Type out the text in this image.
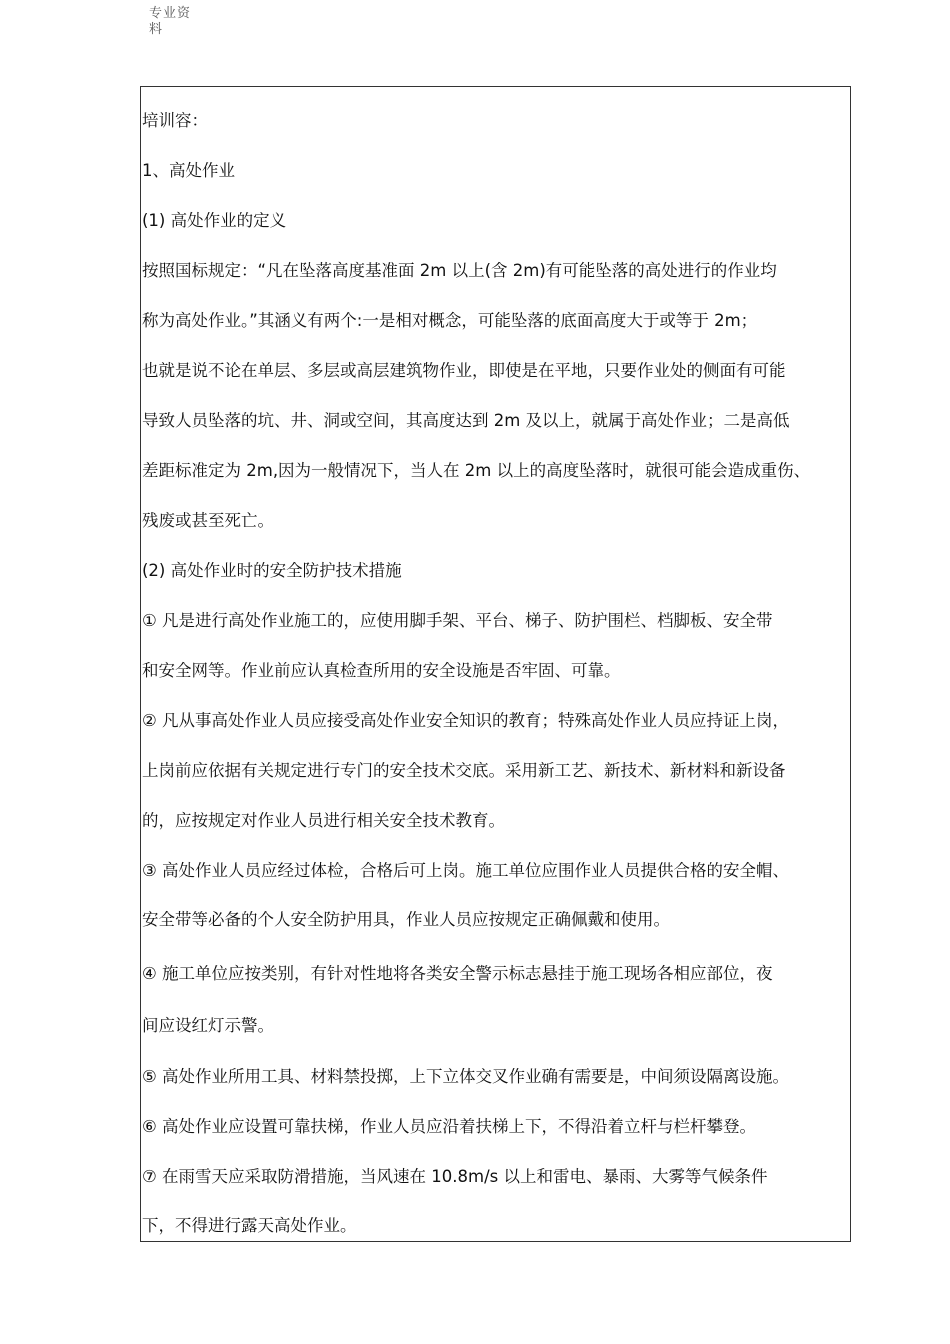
专业资
料
培训容：
1、高处作业
(1) 高处作业的定义
按照国标规定：“凡在坠落高度基准面 2m 以上(含 2m)有可能坠落的高处进行的作业均
称为高处作业。”其涵义有两个:一是相对概念，可能坠落的底面高度大于或等于 2m；
也就是说不论在单层、多层或高层建筑物作业，即使是在平地，只要作业处的侧面有可能
导致人员坠落的坑、井、洞或空间，其高度达到 2m 及以上，就属于高处作业；二是高低
差距标准定为 2m,因为一般情况下，当人在 2m 以上的高度坠落时，就很可能会造成重伤、
残废或甚至死亡。
(2) 高处作业时的安全防护技术措施
① 凡是进行高处作业施工的，应使用脚手架、平台、梯子、防护围栏、档脚板、安全带
和安全网等。作业前应认真检查所用的安全设施是否牢固、可靠。
② 凡从事高处作业人员应接受高处作业安全知识的教育；特殊高处作业人员应持证上岗，
上岗前应依据有关规定进行专门的安全技术交底。采用新工艺、新技术、新材料和新设备
的，应按规定对作业人员进行相关安全技术教育。
③ 高处作业人员应经过体检，合格后可上岗。施工单位应围作业人员提供合格的安全帽、
安全带等必备的个人安全防护用具，作业人员应按规定正确佩戴和使用。
④ 施工单位应按类别，有针对性地将各类安全警示标志悬挂于施工现场各相应部位，夜
间应设红灯示警。
⑤ 高处作业所用工具、材料禁投掷，上下立体交叉作业确有需要是，中间须设隔离设施。
⑥ 高处作业应设置可靠扶梯，作业人员应沿着扶梯上下，不得沿着立杆与栏杆攀登。
⑦ 在雨雪天应采取防滑措施，当风速在 10.8m/s 以上和雷电、暴雨、大雾等气候条件
下，不得进行露天高处作业。
